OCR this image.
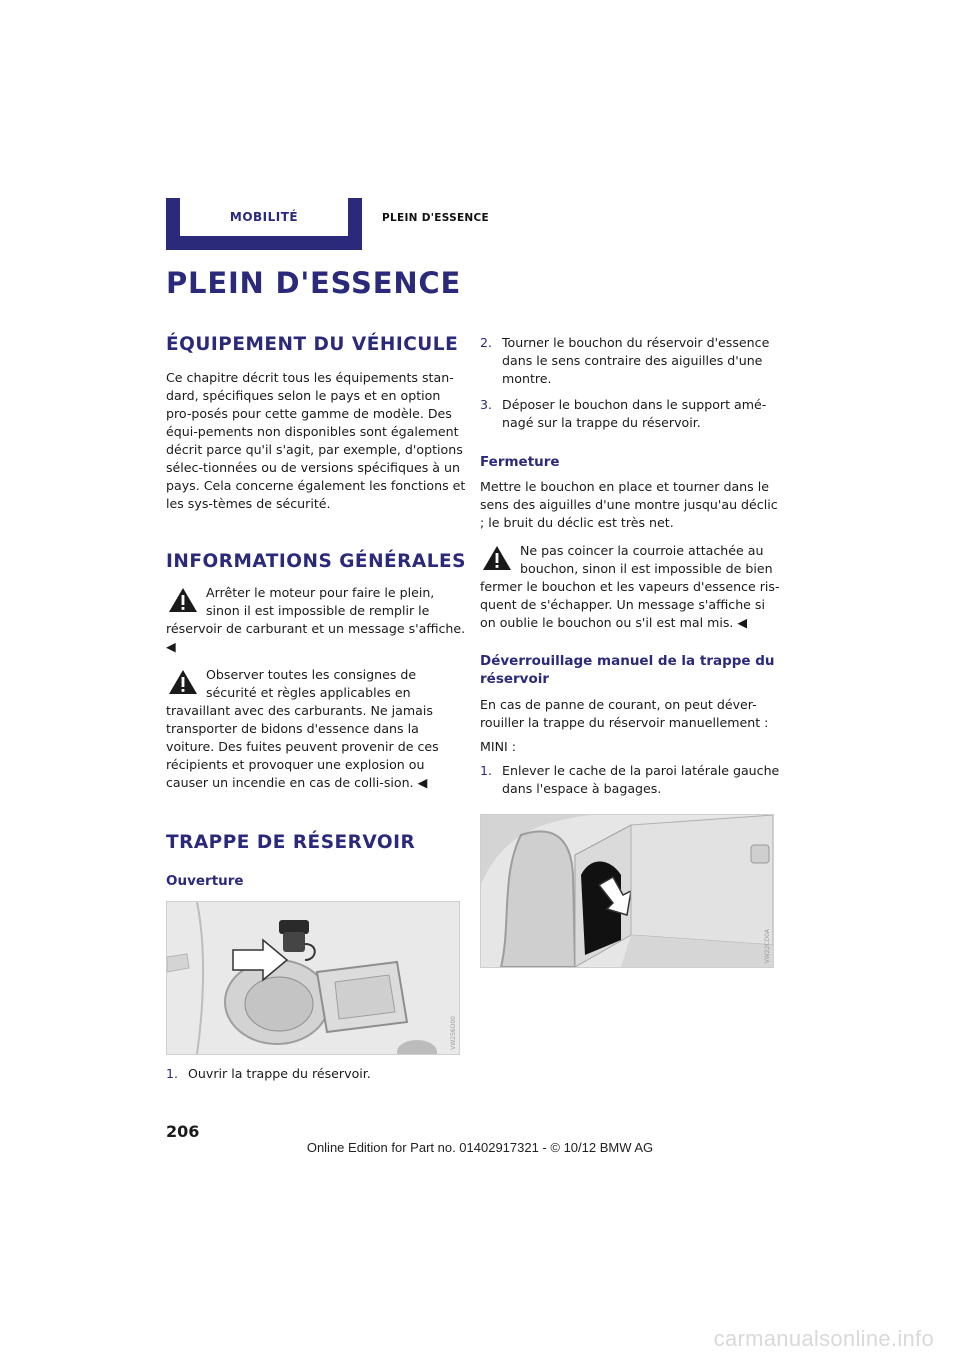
MOBILITÉ	PLEIN D'ESSENCE
PLEIN D'ESSENCE
ÉQUIPEMENT DU VÉHICULE

Ce chapitre décrit tous les équipements stan-dard, spécifiques selon le pays et en option pro-posés pour cette gamme de modèle. Des équi-pements non disponibles sont également décrit parce qu'il s'agit, par exemple, d'options sélec-tionnées ou de versions spécifiques à un pays. Cela concerne également les fonctions et les sys-tèmes de sécurité.

INFORMATIONS GÉNÉRALES

Arrêter le moteur pour faire le plein, sinon il est impossible de remplir le réservoir de carburant et un message s'affiche. ◀

Observer toutes les consignes de sécurité et règles applicables en travaillant avec des carburants. Ne jamais transporter de bidons d'essence dans la voiture. Des fuites peuvent provenir de ces récipients et provoquer une explosion ou causer un incendie en cas de colli-sion. ◀

TRAPPE DE RÉSERVOIR
Ouverture
VW256D00
1. Ouvrir la trappe du réservoir.
2. Tourner le bouchon du réservoir d'essence dans le sens contraire des aiguilles d'une montre.
3. Déposer le bouchon dans le support amé-nagé sur la trappe du réservoir.
Fermeture

Mettre le bouchon en place et tourner dans le sens des aiguilles d'une montre jusqu'au déclic ; le bruit du déclic est très net.

Ne pas coincer la courroie attachée au bouchon, sinon il est impossible de bien fermer le bouchon et les vapeurs d'essence ris-quent de s'échapper. Un message s'affiche si on oublie le bouchon ou s'il est mal mis. ◀

Déverrouillage manuel de la trappe du réservoir

En cas de panne de courant, on peut déver-rouiller la trappe du réservoir manuellement :

MINI :

1. Enlever le cache de la paroi latérale gauche dans l'espace à bagages.
VW22CD0A
206
Online Edition for Part no. 01402917321 - © 10/12 BMW AG
carmanualsonline.info
